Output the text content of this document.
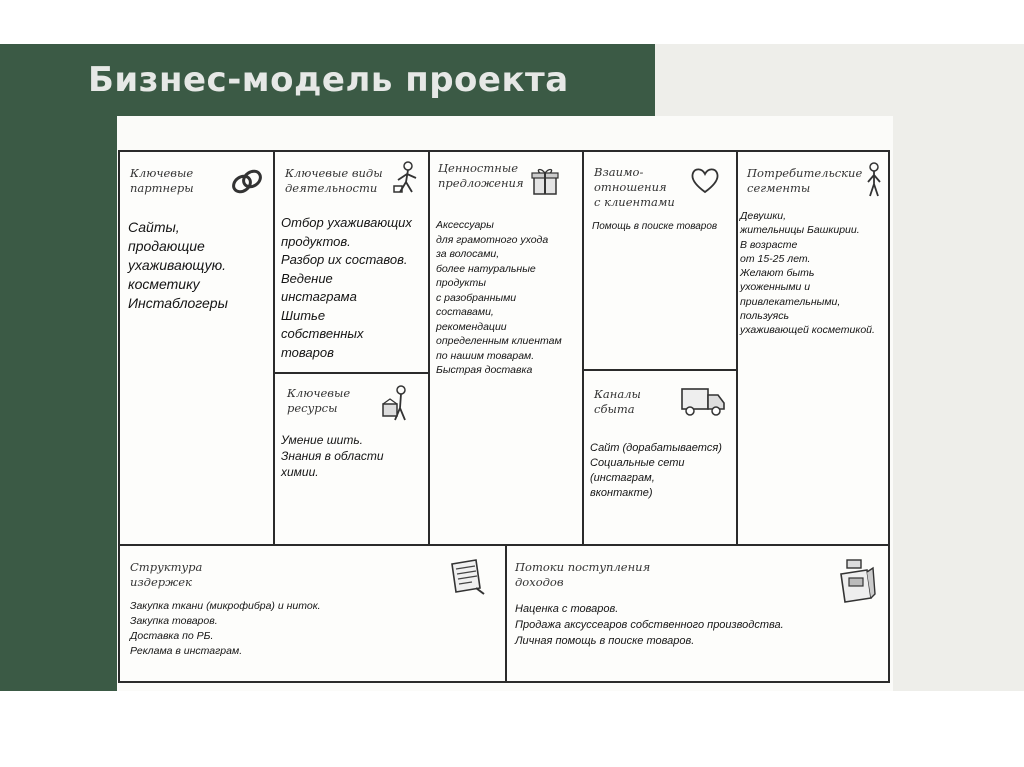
Бизнес-модель проекта
Ключевые
партнеры
Сайты,
продающие
ухаживающую.
косметику
Инстаблогеры
Ключевые виды
деятельности
Отбор ухаживающих
продуктов.
Разбор их составов.
Ведение
инстаграма
Шитье
собственных
товаров
Ключевые
ресурсы
Умение шить.
Знания в области
химии.
Ценностные
предложения
Аксессуары
для грамотного ухода
за волосами,
более натуральные
продукты
с разобранными
составами,
рекомендации
определенным клиентам
по нашим товарам.
Быстрая доставка
Взаимо-
отношения
с клиентами
Помощь в поиске товаров
Каналы
сбыта
Сайт (дорабатывается)
Социальные сети
(инстаграм,
вконтакте)
Потребительские
сегменты
Девушки,
жительницы Башкирии.
В возрасте
от 15-25 лет.
Желают быть
ухоженными и
привлекательными,
пользуясь
ухаживающей косметикой.
Структура
издержек
Закупка ткани (микрофибра) и ниток.
Закупка товаров.
Доставка по РБ.
Реклама в инстаграм.
Потоки поступления
доходов
Наценка с товаров.
Продажа аксуссеаров собственного производства.
Личная помощь в поиске товаров.
